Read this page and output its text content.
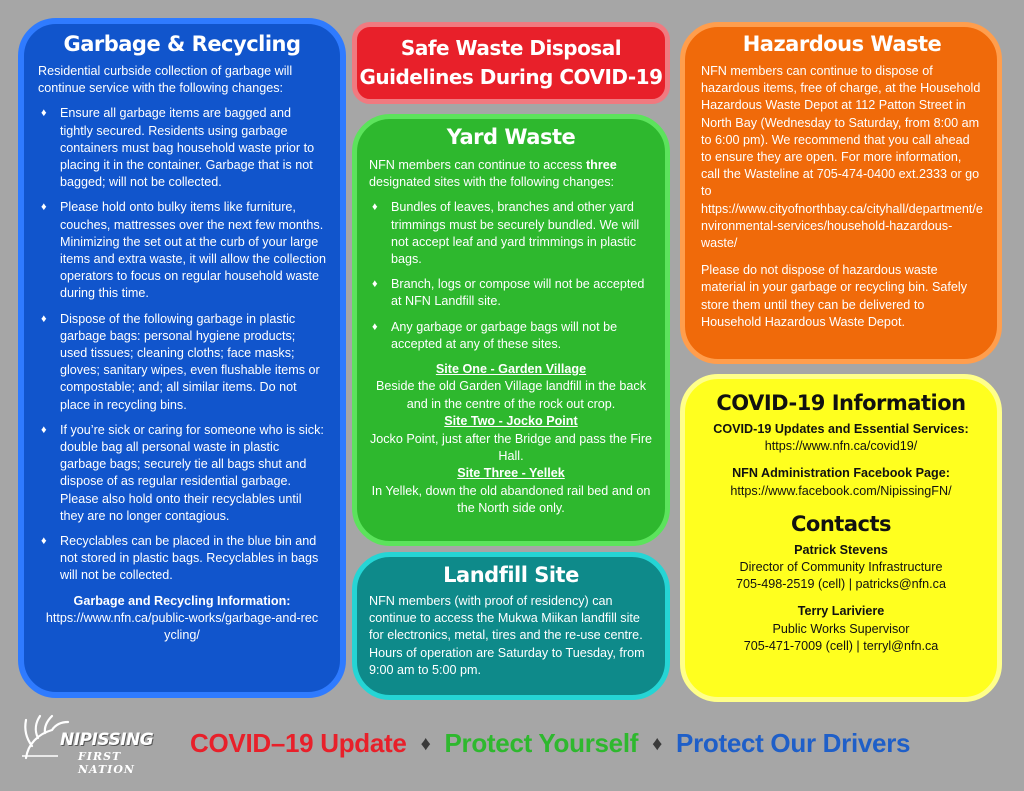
Garbage & Recycling

Residential curbside collection of garbage will continue service with the following changes:

♦ Ensure all garbage items are bagged and tightly secured. Residents using garbage containers must bag household waste prior to placing it in the container. Garbage that is not bagged; will not be collected.
♦ Please hold onto bulky items like furniture, couches, mattresses over the next few months. Minimizing the set out at the curb of your large items and extra waste, it will allow the collection operators to focus on regular household waste during this time.
♦ Dispose of the following garbage in plastic garbage bags: personal hygiene products; used tissues; cleaning cloths; face masks; gloves; sanitary wipes, even flushable items or compostable; and; all similar items. Do not place in recycling bins.
♦ If you’re sick or caring for someone who is sick: double bag all personal waste in plastic garbage bags; securely tie all bags shut and dispose of as regular residential garbage. Please also hold onto their recyclables until they are no longer contagious.
♦ Recyclables can be placed in the blue bin and not stored in plastic bags. Recyclables in bags will not be collected.

Garbage and Recycling Information:

https://www.nfn.ca/public-works/garbage-and-recycling/

Safe Waste Disposal
Guidelines During COVID-19
Yard Waste

NFN members can continue to access three designated sites with the following changes:

♦ Bundles of leaves, branches and other yard trimmings must be securely bundled. We will not accept leaf and yard trimmings in plastic bags.
♦ Branch, logs or compose will not be accepted at NFN Landfill site.
♦ Any garbage or garbage bags will not be accepted at any of these sites.
Site One - Garden Village
Beside the old Garden Village landfill in the back and in the centre of the rock out crop.
Site Two - Jocko Point
Jocko Point, just after the Bridge and pass the Fire Hall.
Site Three - Yellek
In Yellek, down the old abandoned rail bed and on the North side only.
Landfill Site

NFN members (with proof of residency) can continue to access the Mukwa Miikan landfill site for electronics, metal, tires and the re-use centre. Hours of operation are Saturday to Tuesday, from 9:00 am to 5:00 pm.

Hazardous Waste

NFN members can continue to dispose of hazardous items, free of charge, at the Household Hazardous Waste Depot at 112 Patton Street in North Bay (Wednesday to Saturday, from 8:00 am to 6:00 pm). We recommend that you call ahead to ensure they are open. For more information, call the Wasteline at 705-474-0400 ext.2333 or go to https://www.cityofnorthbay.ca/cityhall/department/environmental-services/household-hazardous-waste/

Please do not dispose of hazardous waste material in your garbage or recycling bin. Safely store them until they can be delivered to Household Hazardous Waste Depot.

COVID-19 Information

COVID-19 Updates and Essential Services:

https://www.nfn.ca/covid19/

NFN Administration Facebook Page:

https://www.facebook.com/NipissingFN/

Contacts

Patrick Stevens

Director of Community Infrastructure

705-498-2519 (cell) | patricks@nfn.ca

Terry Lariviere

Public Works Supervisor

705-471-7009 (cell) | terryl@nfn.ca

NIPISSING
FIRST NATION
COVID–19 Update ♦ Protect Yourself ♦ Protect Our Drivers
